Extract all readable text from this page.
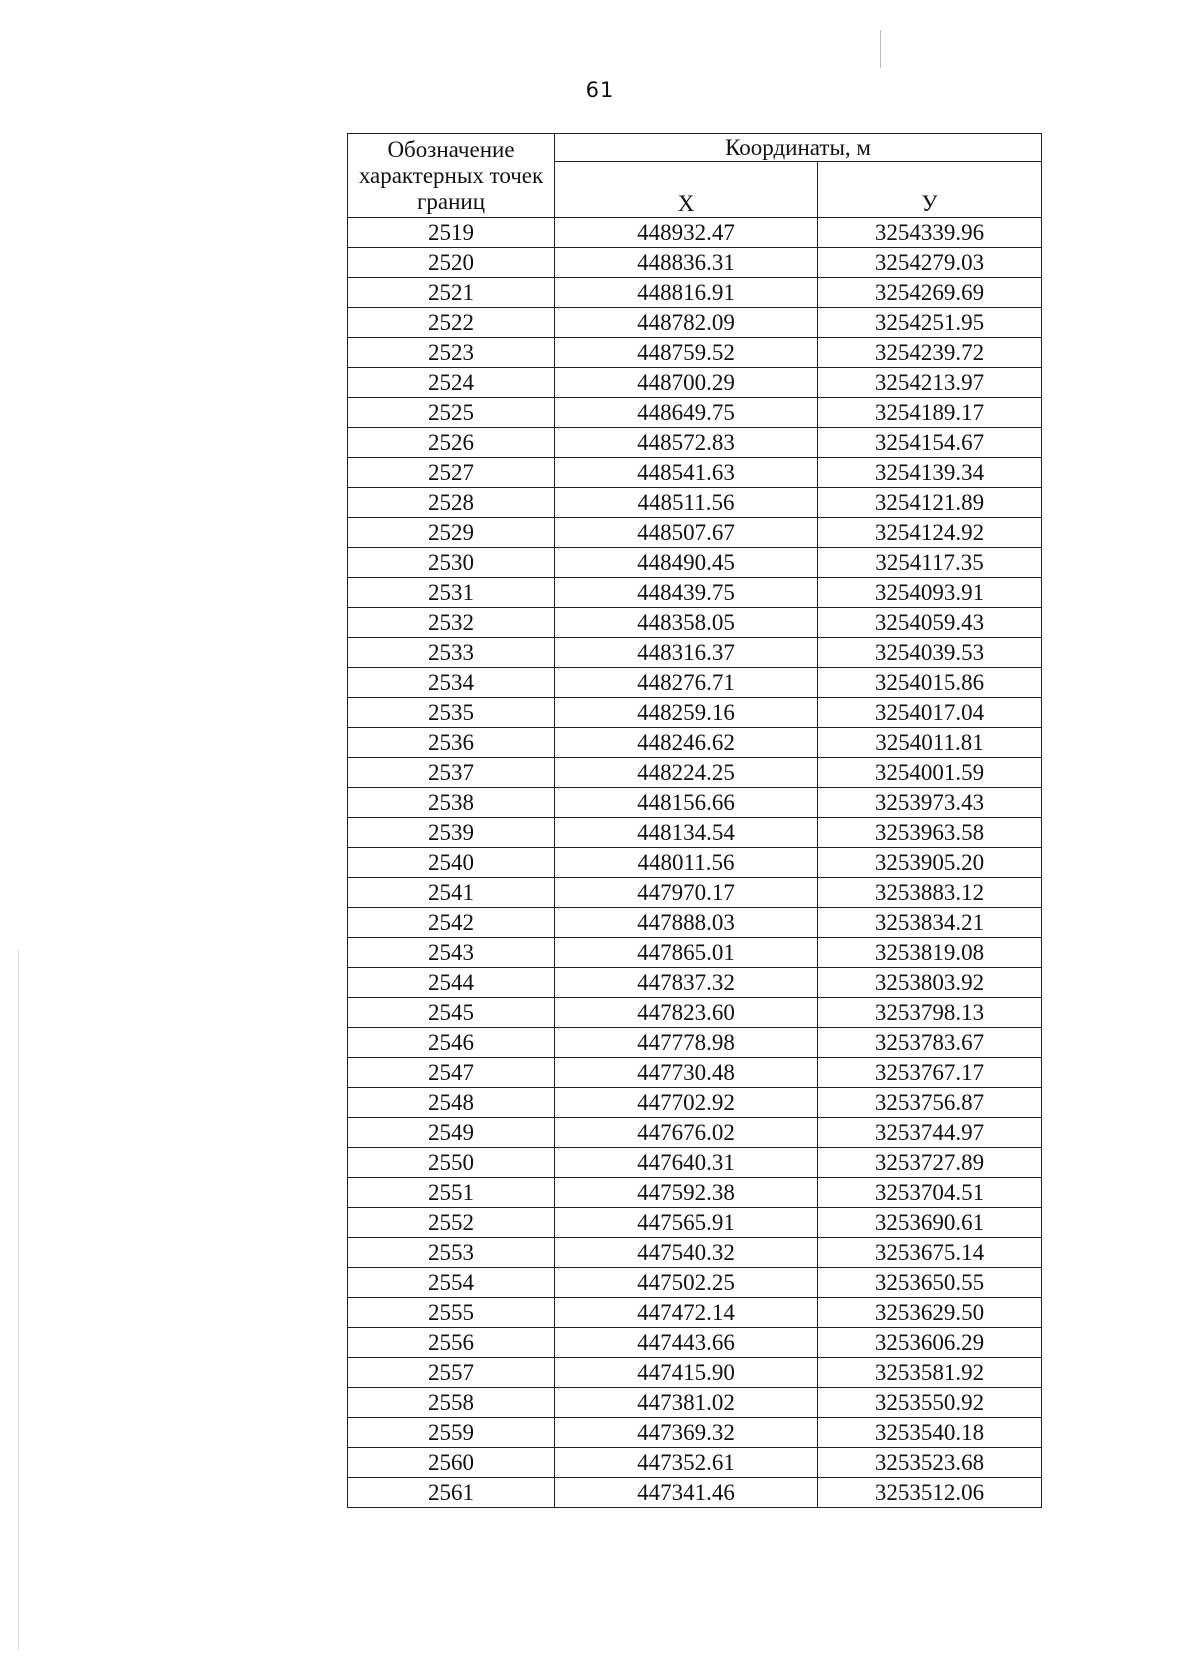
61
Обозначение характерных точек границ	Координаты, м	
	Х	У
2519	448932.47	3254339.96
2520	448836.31	3254279.03
2521	448816.91	3254269.69
2522	448782.09	3254251.95
2523	448759.52	3254239.72
2524	448700.29	3254213.97
2525	448649.75	3254189.17
2526	448572.83	3254154.67
2527	448541.63	3254139.34
2528	448511.56	3254121.89
2529	448507.67	3254124.92
2530	448490.45	3254117.35
2531	448439.75	3254093.91
2532	448358.05	3254059.43
2533	448316.37	3254039.53
2534	448276.71	3254015.86
2535	448259.16	3254017.04
2536	448246.62	3254011.81
2537	448224.25	3254001.59
2538	448156.66	3253973.43
2539	448134.54	3253963.58
2540	448011.56	3253905.20
2541	447970.17	3253883.12
2542	447888.03	3253834.21
2543	447865.01	3253819.08
2544	447837.32	3253803.92
2545	447823.60	3253798.13
2546	447778.98	3253783.67
2547	447730.48	3253767.17
2548	447702.92	3253756.87
2549	447676.02	3253744.97
2550	447640.31	3253727.89
2551	447592.38	3253704.51
2552	447565.91	3253690.61
2553	447540.32	3253675.14
2554	447502.25	3253650.55
2555	447472.14	3253629.50
2556	447443.66	3253606.29
2557	447415.90	3253581.92
2558	447381.02	3253550.92
2559	447369.32	3253540.18
2560	447352.61	3253523.68
2561	447341.46	3253512.06
